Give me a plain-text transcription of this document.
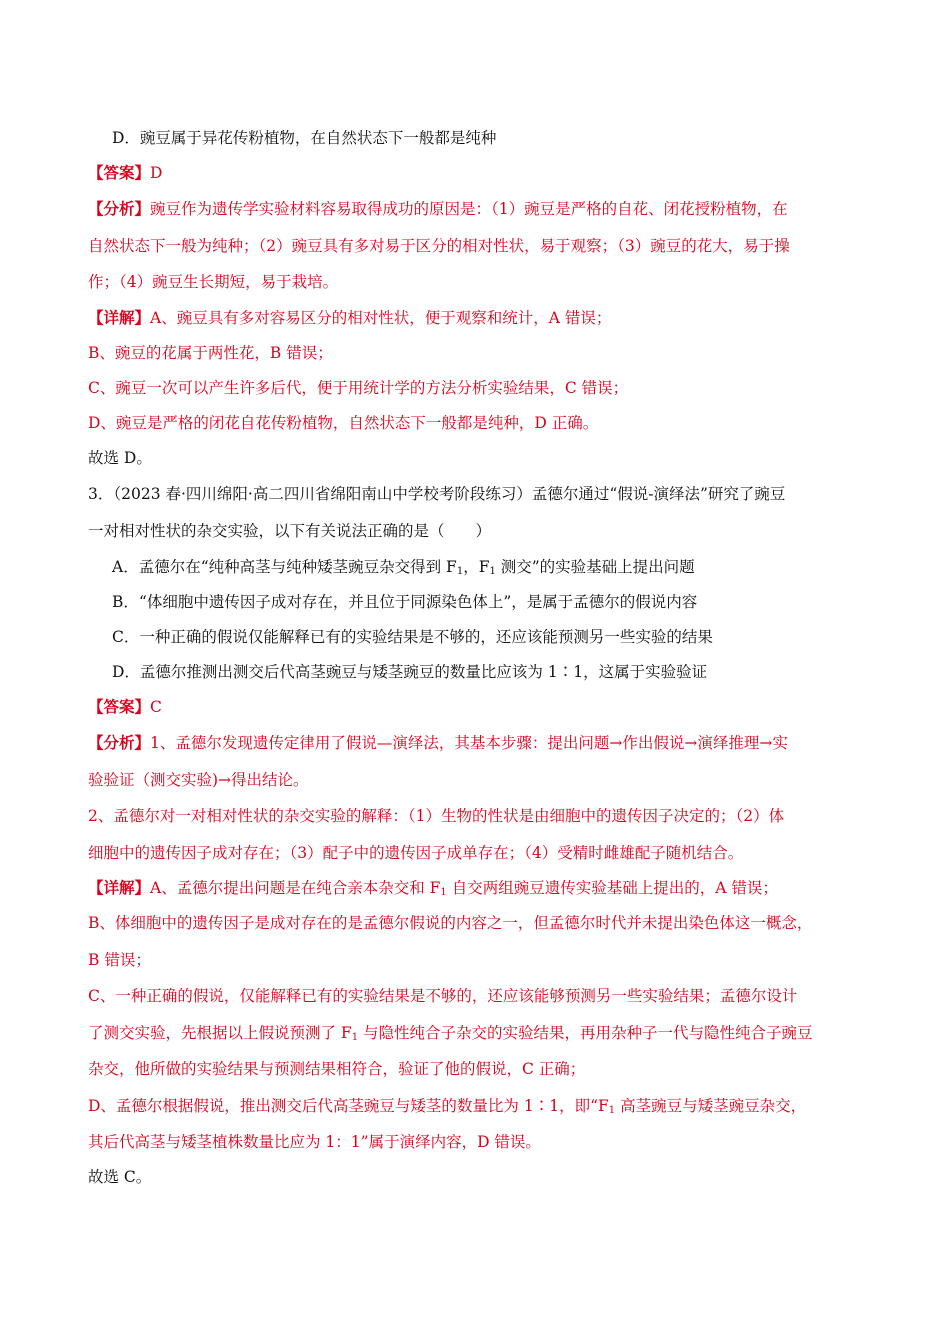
D．豌豆属于异花传粉植物，在自然状态下一般都是纯种
【答案】D
【分析】豌豆作为遗传学实验材料容易取得成功的原因是：（1）豌豆是严格的自花、闭花授粉植物，在
自然状态下一般为纯种；（2）豌豆具有多对易于区分的相对性状，易于观察；（3）豌豆的花大，易于操
作；（4）豌豆生长期短，易于栽培。
【详解】A、豌豆具有多对容易区分的相对性状，便于观察和统计，A 错误；
B、豌豆的花属于两性花，B 错误；
C、豌豆一次可以产生许多后代，便于用统计学的方法分析实验结果，C 错误；
D、豌豆是严格的闭花自花传粉植物，自然状态下一般都是纯种，D 正确。
故选 D。
3．（2023 春·四川绵阳·高二四川省绵阳南山中学校考阶段练习）孟德尔通过“假说-演绎法”研究了豌豆
一对相对性状的杂交实验，以下有关说法正确的是（　　）
A．孟德尔在“纯种高茎与纯种矮茎豌豆杂交得到 $F_1$，$F_1$ 测交”的实验基础上提出问题
B．“体细胞中遗传因子成对存在，并且位于同源染色体上”，是属于孟德尔的假说内容
C．一种正确的假说仅能解释已有的实验结果是不够的，还应该能预测另一些实验的结果
D．孟德尔推测出测交后代高茎豌豆与矮茎豌豆的数量比应该为 1∶1，这属于实验验证
【答案】C
【分析】1、孟德尔发现遗传定律用了假说—演绎法，其基本步骤：提出问题→作出假说→演绎推理→实
验验证（测交实验)→得出结论。
2、孟德尔对一对相对性状的杂交实验的解释：（1）生物的性状是由细胞中的遗传因子决定的；（2）体
细胞中的遗传因子成对存在；（3）配子中的遗传因子成单存在；（4）受精时雌雄配子随机结合。
【详解】A、孟德尔提出问题是在纯合亲本杂交和 $F_1$ 自交两组豌豆遗传实验基础上提出的，A 错误；
B、体细胞中的遗传因子是成对存在的是孟德尔假说的内容之一，但孟德尔时代并未提出染色体这一概念，
B 错误；
C、一种正确的假说，仅能解释已有的实验结果是不够的，还应该能够预测另一些实验结果；孟德尔设计
了测交实验，先根据以上假说预测了 $F_1$ 与隐性纯合子杂交的实验结果，再用杂种子一代与隐性纯合子豌豆
杂交，他所做的实验结果与预测结果相符合，验证了他的假说，C 正确；
D、孟德尔根据假说，推出测交后代高茎豌豆与矮茎的数量比为 1∶1，即“$F_1$ 高茎豌豆与矮茎豌豆杂交，
其后代高茎与矮茎植株数量比应为 1：1”属于演绎内容，D 错误。
故选 C。
